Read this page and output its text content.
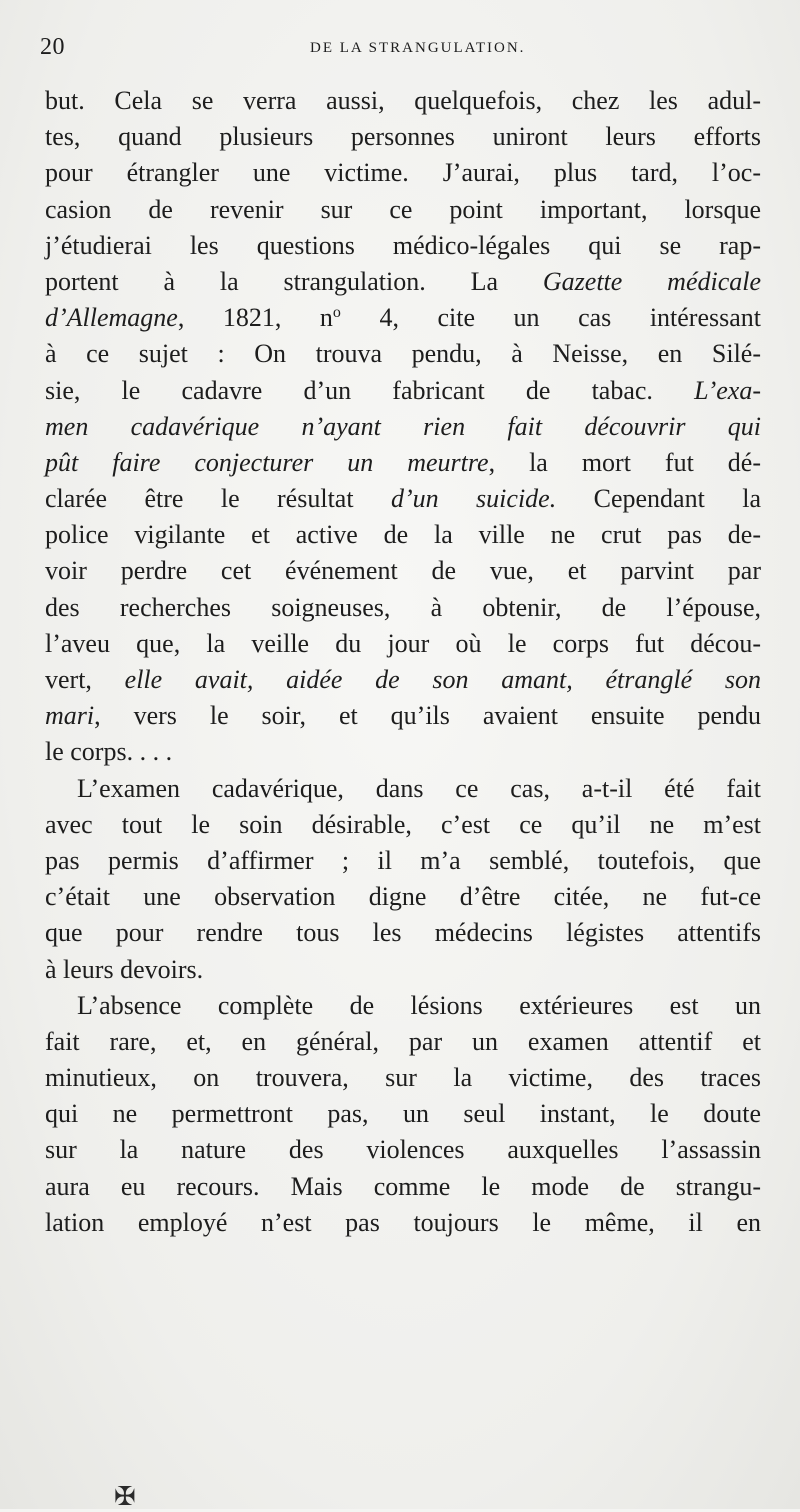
20	DE LA STRANGULATION.
but. Cela se verra aussi, quelquefois, chez les adul-
tes, quand plusieurs personnes uniront leurs efforts
pour étrangler une victime. J’aurai, plus tard, l’oc-
casion de revenir sur ce point important, lorsque
j’étudierai les questions médico-légales qui se rap-
portent à la strangulation. La Gazette médicale
d’Allemagne, 1821, $n^o$ 4, cite un cas intéressant
à ce sujet : On trouva pendu, à Neisse, en Silé-
sie, le cadavre d’un fabricant de tabac. L’exa-
men cadavérique n’ayant rien fait découvrir qui
pût faire conjecturer un meurtre, la mort fut dé-
clarée être le résultat d’un suicide. Cependant la
police vigilante et active de la ville ne crut pas de-
voir perdre cet événement de vue, et parvint par
des recherches soigneuses, à obtenir, de l’épouse,
l’aveu que, la veille du jour où le corps fut décou-
vert, elle avait, aidée de son amant, étranglé son
mari, vers le soir, et qu’ils avaient ensuite pendu
le corps. . . .
L’examen cadavérique, dans ce cas, a-t-il été fait
avec tout le soin désirable, c’est ce qu’il ne m’est
pas permis d’affirmer ; il m’a semblé, toutefois, que
c’était une observation digne d’être citée, ne fut-ce
que pour rendre tous les médecins légistes attentifs
à leurs devoirs.
L’absence complète de lésions extérieures est un
fait rare, et, en général, par un examen attentif et
minutieux, on trouvera, sur la victime, des traces
qui ne permettront pas, un seul instant, le doute
sur la nature des violences auxquelles l’assassin
aura eu recours. Mais comme le mode de strangu-
lation employé n’est pas toujours le même, il en
✠
